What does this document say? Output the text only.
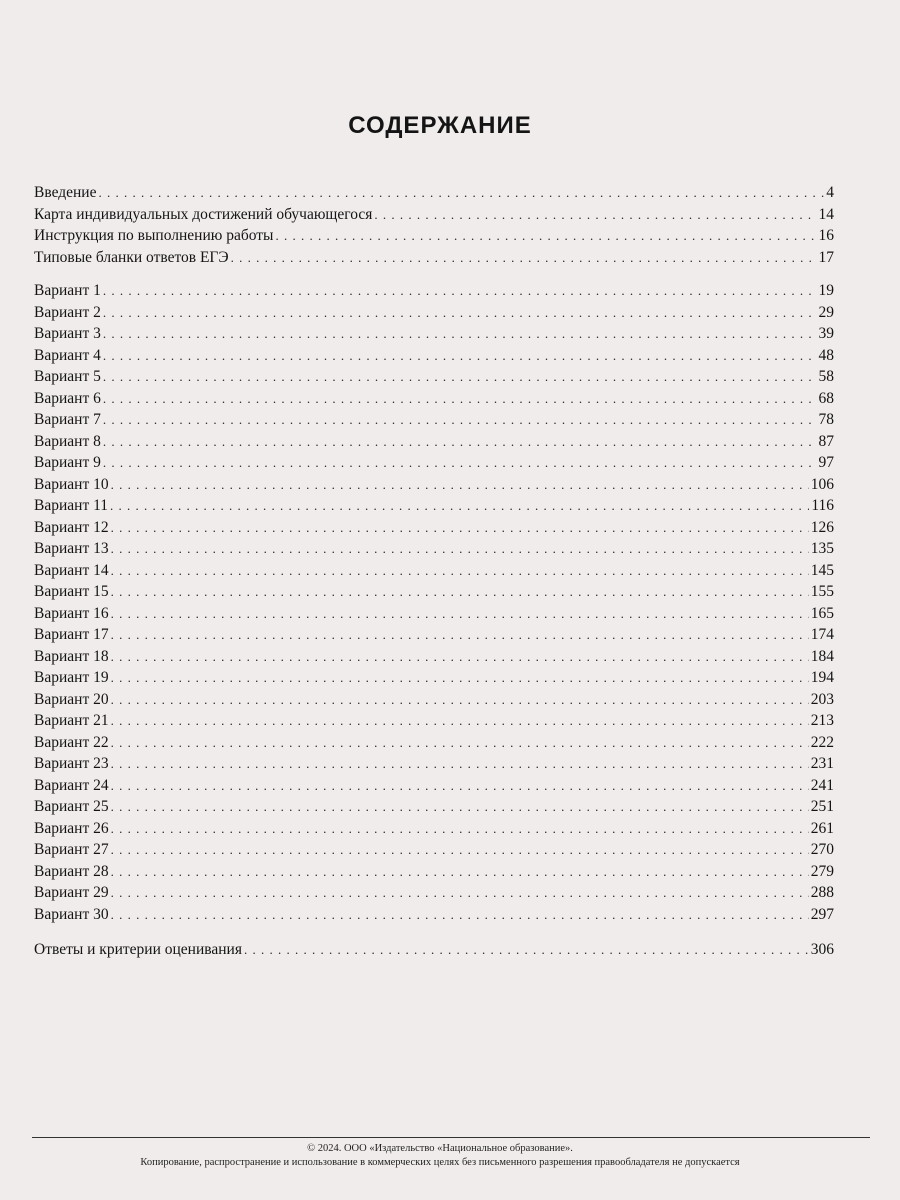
СОДЕРЖАНИЕ
Введение . . .	4
Карта индивидуальных достижений обучающегося . . .	14
Инструкция по выполнению работы . . .	16
Типовые бланки ответов ЕГЭ . . .	17
Вариант 1 . . .	19
Вариант 2 . . .	29
Вариант 3 . . .	39
Вариант 4 . . .	48
Вариант 5 . . .	58
Вариант 6 . . .	68
Вариант 7 . . .	78
Вариант 8 . . .	87
Вариант 9 . . .	97
Вариант 10 . . .	106
Вариант 11 . . .	116
Вариант 12 . . .	126
Вариант 13 . . .	135
Вариант 14 . . .	145
Вариант 15 . . .	155
Вариант 16 . . .	165
Вариант 17 . . .	174
Вариант 18 . . .	184
Вариант 19 . . .	194
Вариант 20 . . .	203
Вариант 21 . . .	213
Вариант 22 . . .	222
Вариант 23 . . .	231
Вариант 24 . . .	241
Вариант 25 . . .	251
Вариант 26 . . .	261
Вариант 27 . . .	270
Вариант 28 . . .	279
Вариант 29 . . .	288
Вариант 30 . . .	297
Ответы и критерии оценивания . . .	306
© 2024. ООО «Издательство «Национальное образование».
Копирование, распространение и использование в коммерческих целях без письменного разрешения правообладателя не допускается
